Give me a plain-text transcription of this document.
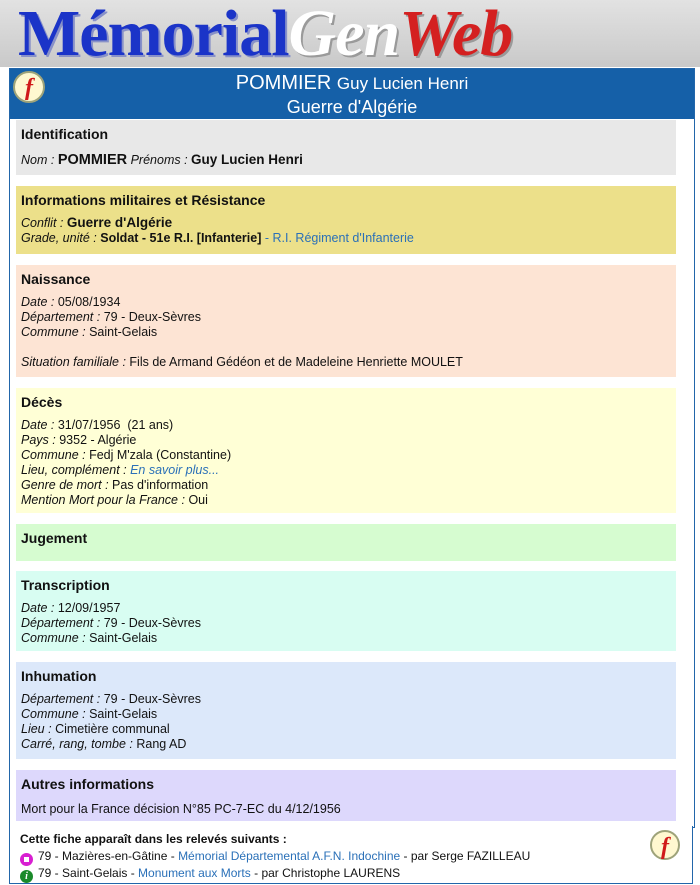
MémorialGenWeb
f	POMMIER Guy Lucien Henri
Guerre d'Algérie
Identification
Nom : POMMIER Prénoms : Guy Lucien Henri
Informations militaires et Résistance
Conflit : Guerre d'Algérie
Grade, unité : Soldat - 51e R.I. [Infanterie] - R.I. Régiment d'Infanterie
Naissance
Date : 05/08/1934
Département : 79 - Deux-Sèvres
Commune : Saint-Gelais
Situation familiale : Fils de Armand Gédéon et de Madeleine Henriette MOULET
Décès
Date : 31/07/1956  (21 ans)
Pays : 9352 - Algérie
Commune : Fedj M'zala (Constantine)
Lieu, complément : En savoir plus...
Genre de mort : Pas d'information
Mention Mort pour la France : Oui
Jugement
Transcription
Date : 12/09/1957
Département : 79 - Deux-Sèvres
Commune : Saint-Gelais
Inhumation
Département : 79 - Deux-Sèvres
Commune : Saint-Gelais
Lieu : Cimetière communal
Carré, rang, tombe : Rang AD
Autres informations
Mort pour la France décision N°85 PC-7-EC du 4/12/1956
Cette fiche apparaît dans les relevés suivants :
79 - Mazières-en-Gâtine - Mémorial Départemental A.F.N. Indochine - par Serge FAZILLEAU
i 79 - Saint-Gelais - Monument aux Morts - par Christophe LAURENS
f
